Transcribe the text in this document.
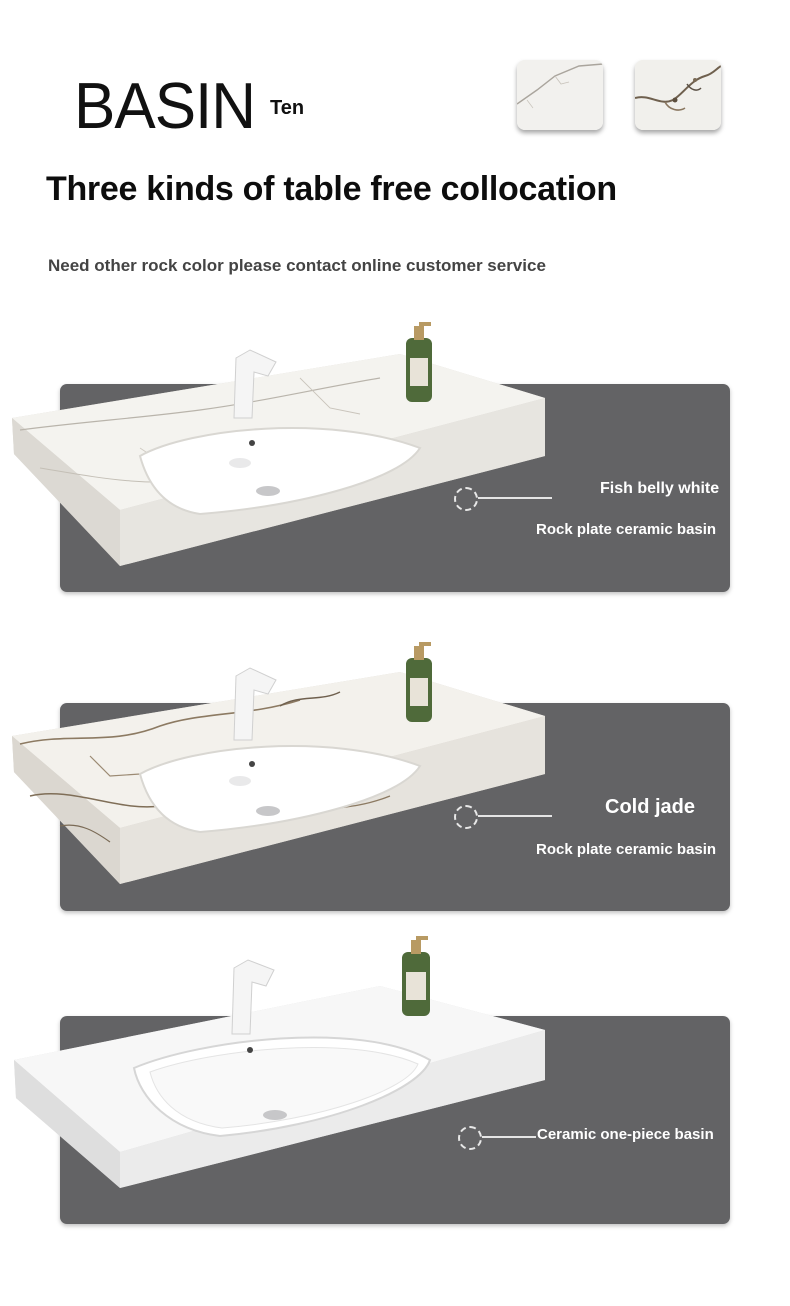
BASIN Ten
Three kinds of table free collocation
Need other rock color please contact online customer service
Fish belly white
Rock plate ceramic basin
Cold jade
Rock plate ceramic basin
Ceramic one-piece basin
